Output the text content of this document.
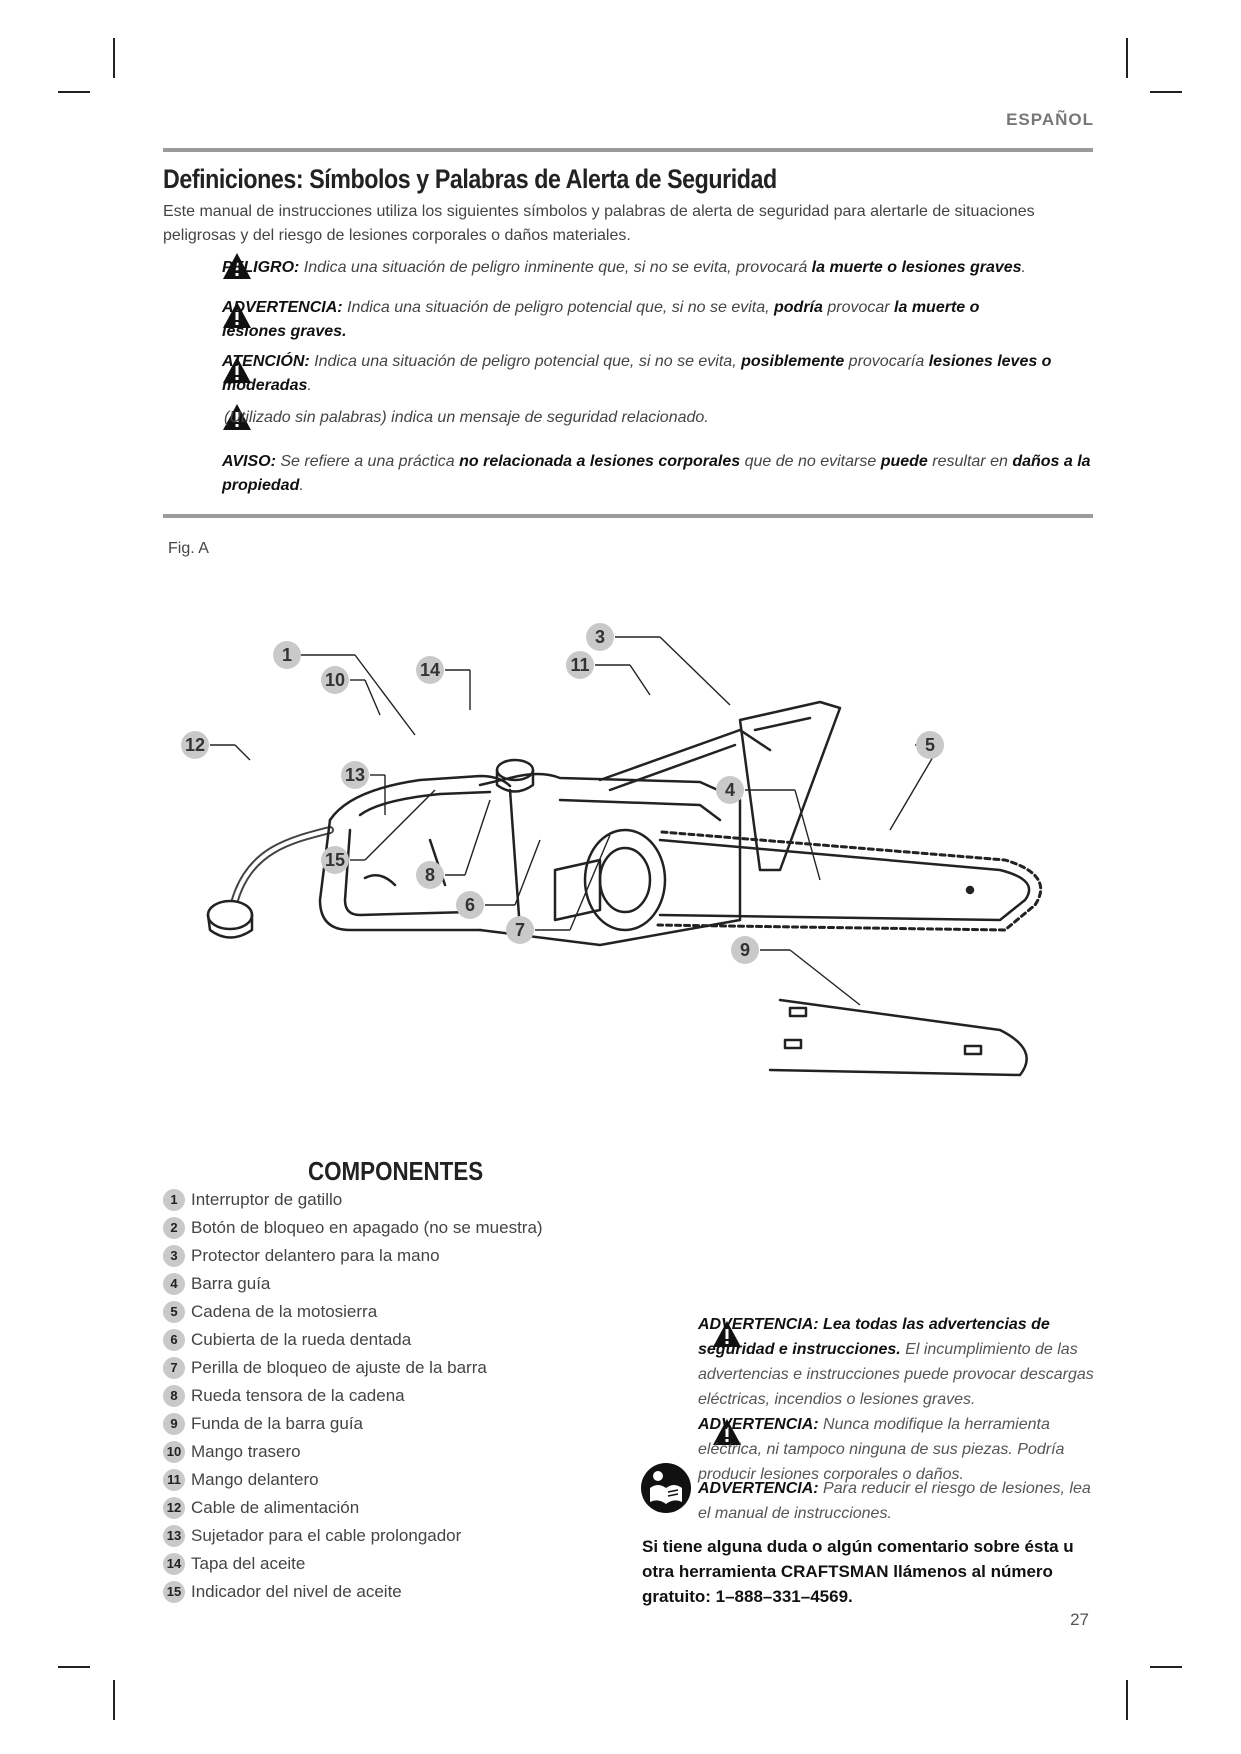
ESPAÑOL
Definiciones: Símbolos y Palabras de Alerta de Seguridad
Este manual de instrucciones utiliza los siguientes símbolos y palabras de alerta de seguridad para alertarle de situaciones peligrosas y del riesgo de lesiones corporales o daños materiales.
PELIGRO: Indica una situación de peligro inminente que, si no se evita, provocará la muerte o lesiones graves.
ADVERTENCIA: Indica una situación de peligro potencial que, si no se evita, podría provocar la muerte o lesiones graves.
ATENCIÓN: Indica una situación de peligro potencial que, si no se evita, posiblemente provocaría lesiones leves o moderadas.
(Utilizado sin palabras) indica un mensaje de seguridad relacionado.
AVISO: Se refiere a una práctica no relacionada a lesiones corporales que de no evitarse puede resultar en daños a la propiedad.
Fig. A
1
10	14
3
11
12	5
4
13
15
8
6
7
9
COMPONENTES
1 Interruptor de gatillo
2 Botón de bloqueo en apagado (no se muestra)
3 Protector delantero para la mano
4 Barra guía
5 Cadena de la motosierra
6 Cubierta de la rueda dentada
7 Perilla de bloqueo de ajuste de la barra
8 Rueda tensora de la cadena
9 Funda de la barra guía
10 Mango trasero
11 Mango delantero
12 Cable de alimentación
13 Sujetador para el cable prolongador
14 Tapa del aceite
15 Indicador del nivel de aceite
ADVERTENCIA: Lea todas las advertencias de seguridad e instrucciones. El incumplimiento de las advertencias e instrucciones puede provocar descargas eléctricas, incendios o lesiones graves.
ADVERTENCIA: Nunca modifique la herramienta eléctrica, ni tampoco ninguna de sus piezas. Podría producir lesiones corporales o daños.
ADVERTENCIA: Para reducir el riesgo de lesiones, lea el manual de instrucciones.
Si tiene alguna duda o algún comentario sobre ésta u otra herramienta CRAFTSMAN llámenos al número gratuito: 1–888–331–4569.
27
